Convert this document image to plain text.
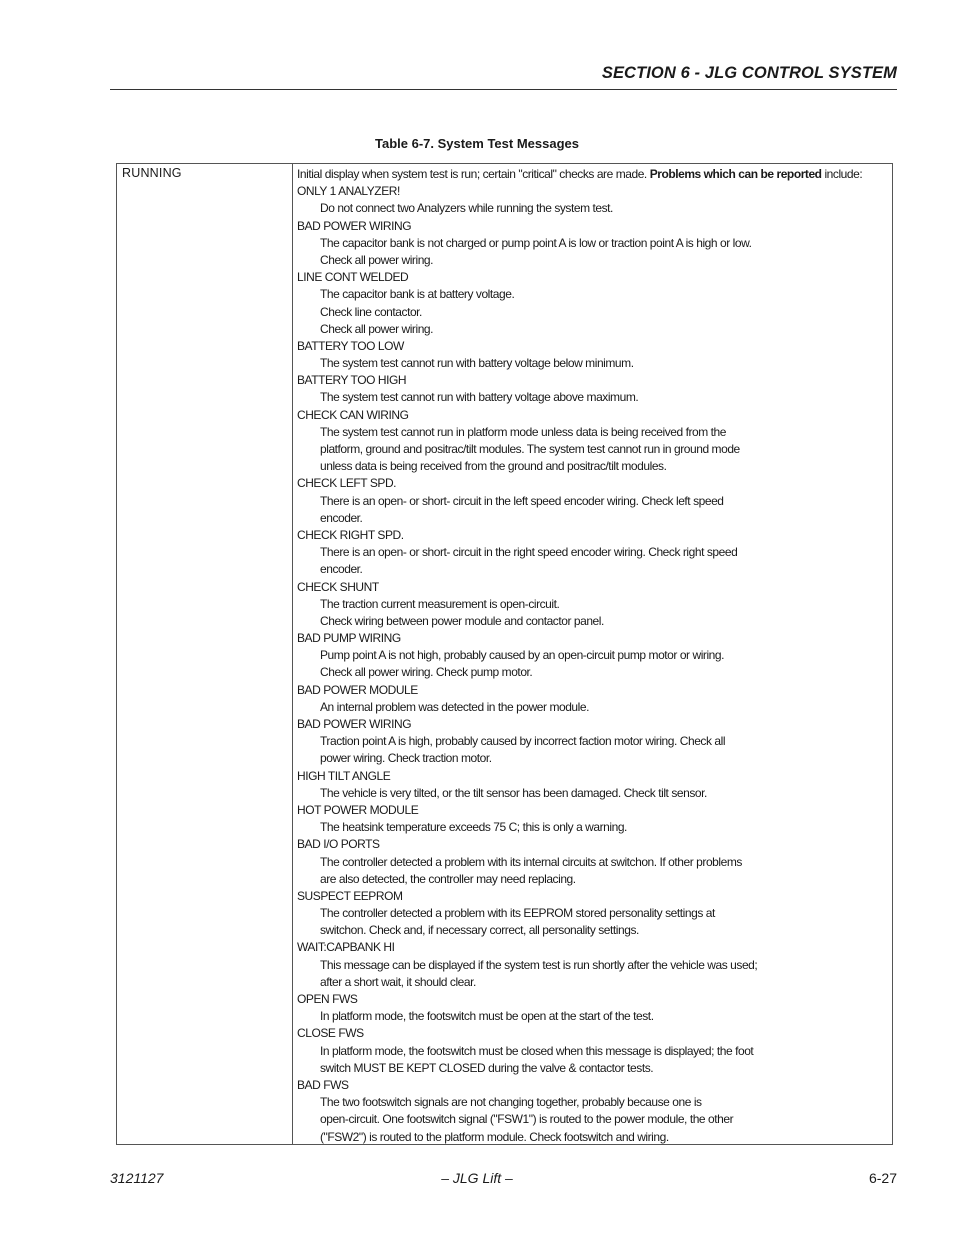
SECTION 6 - JLG CONTROL SYSTEM
Table 6-7. System Test Messages
RUNNING	Initial display when system test is run; certain "critical" checks are made. Problems which can be reported include:
ONLY 1 ANALYZER!
Do not connect two Analyzers while running the system test.
BAD POWER WIRING
The capacitor bank is not charged or pump point A is low or traction point A is high or low.
Check all power wiring.
LINE CONT WELDED
The capacitor bank is at battery voltage.
Check line contactor.
Check all power wiring.
BATTERY TOO LOW
The system test cannot run with battery voltage below minimum.
BATTERY TOO HIGH
The system test cannot run with battery voltage above maximum.
CHECK CAN WIRING
The system test cannot run in platform mode unless data is being received from the
platform, ground and positrac/tilt modules. The system test cannot run in ground mode
unless data is being received from the ground and positrac/tilt modules.
CHECK LEFT SPD.
There is an open- or short- circuit in the left speed encoder wiring. Check left speed
encoder.
CHECK RIGHT SPD.
There is an open- or short- circuit in the right speed encoder wiring. Check right speed
encoder.
CHECK SHUNT
The traction current measurement is open-circuit.
Check wiring between power module and contactor panel.
BAD PUMP WIRING
Pump point A is not high, probably caused by an open-circuit pump motor or wiring.
Check all power wiring. Check pump motor.
BAD POWER MODULE
An internal problem was detected in the power module.
BAD POWER WIRING
Traction point A is high, probably caused by incorrect faction motor wiring. Check all
power wiring. Check traction motor.
HIGH TILT ANGLE
The vehicle is very tilted, or the tilt sensor has been damaged. Check tilt sensor.
HOT POWER MODULE
The heatsink temperature exceeds 75 C; this is only a warning.
BAD I/O PORTS
The controller detected a problem with its internal circuits at switchon. If other problems
are also detected, the controller may need replacing.
SUSPECT EEPROM
The controller detected a problem with its EEPROM stored personality settings at
switchon. Check and, if necessary correct, all personality settings.
WAIT:CAPBANK HI
This message can be displayed if the system test is run shortly after the vehicle was used;
after a short wait, it should clear.
OPEN FWS
In platform mode, the footswitch must be open at the start of the test.
CLOSE FWS
In platform mode, the footswitch must be closed when this message is displayed; the foot
switch MUST BE KEPT CLOSED during the valve & contactor tests.
BAD FWS
The two footswitch signals are not changing together, probably because one is
open-circuit. One footswitch signal ("FSW1") is routed to the power module, the other
("FSW2") is routed to the platform module. Check footswitch and wiring.
3121127	– JLG Lift –	6-27
